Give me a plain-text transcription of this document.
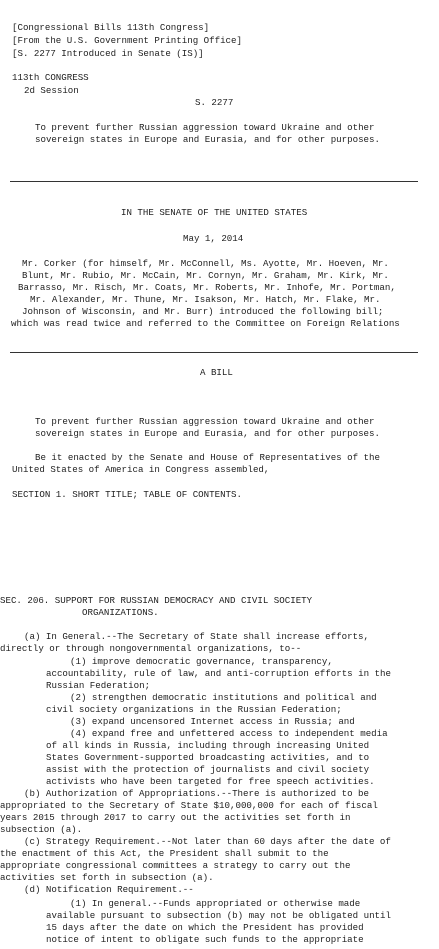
[Congressional Bills 113th Congress]
[From the U.S. Government Printing Office]
[S. 2277 Introduced in Senate (IS)]
113th CONGRESS
2d Session
S. 2277
To prevent further Russian aggression toward Ukraine and other
sovereign states in Europe and Eurasia, and for other purposes.
IN THE SENATE OF THE UNITED STATES
May 1, 2014
Mr. Corker (for himself, Mr. McConnell, Ms. Ayotte, Mr. Hoeven, Mr.
Blunt, Mr. Rubio, Mr. McCain, Mr. Cornyn, Mr. Graham, Mr. Kirk, Mr.
Barrasso, Mr. Risch, Mr. Coats, Mr. Roberts, Mr. Inhofe, Mr. Portman,
Mr. Alexander, Mr. Thune, Mr. Isakson, Mr. Hatch, Mr. Flake, Mr.
Johnson of Wisconsin, and Mr. Burr) introduced the following bill;
which was read twice and referred to the Committee on Foreign Relations
A BILL
To prevent further Russian aggression toward Ukraine and other
sovereign states in Europe and Eurasia, and for other purposes.
Be it enacted by the Senate and House of Representatives of the
United States of America in Congress assembled,
SECTION 1. SHORT TITLE; TABLE OF CONTENTS.
SEC. 206. SUPPORT FOR RUSSIAN DEMOCRACY AND CIVIL SOCIETY
ORGANIZATIONS.
(a) In General.--The Secretary of State shall increase efforts,
directly or through nongovernmental organizations, to--
(1) improve democratic governance, transparency,
accountability, rule of law, and anti-corruption efforts in the
Russian Federation;
(2) strengthen democratic institutions and political and
civil society organizations in the Russian Federation;
(3) expand uncensored Internet access in Russia; and
(4) expand free and unfettered access to independent media
of all kinds in Russia, including through increasing United
States Government-supported broadcasting activities, and to
assist with the protection of journalists and civil society
activists who have been targeted for free speech activities.
(b) Authorization of Appropriations.--There is authorized to be
appropriated to the Secretary of State $10,000,000 for each of fiscal
years 2015 through 2017 to carry out the activities set forth in
subsection (a).
(c) Strategy Requirement.--Not later than 60 days after the date of
the enactment of this Act, the President shall submit to the
appropriate congressional committees a strategy to carry out the
activities set forth in subsection (a).
(d) Notification Requirement.--
(1) In general.--Funds appropriated or otherwise made
available pursuant to subsection (b) may not be obligated until
15 days after the date on which the President has provided
notice of intent to obligate such funds to the appropriate
